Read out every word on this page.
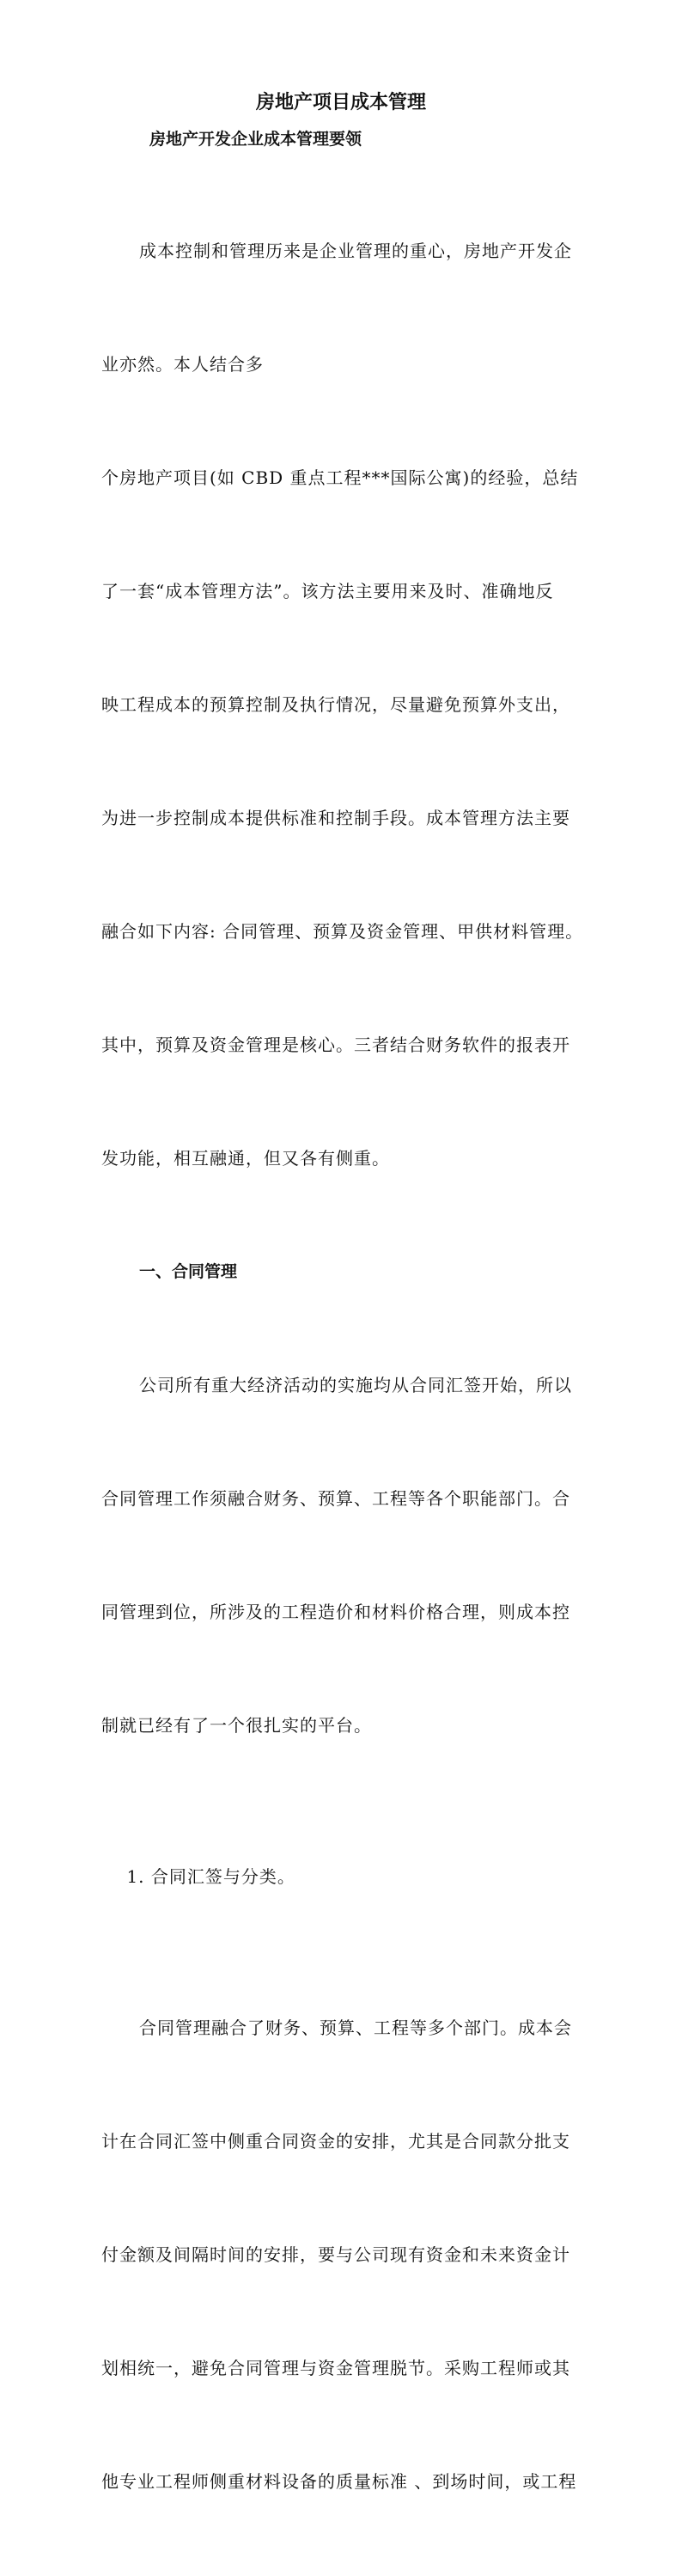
房地产项目成本管理
房地产开发企业成本管理要领

成本控制和管理历来是企业管理的重心，房地产开发企

业亦然。本人结合多

个房地产项目(如 CBD 重点工程***国际公寓)的经验，总结

了一套“成本管理方法”。该方法主要用来及时、准确地反

映工程成本的预算控制及执行情况，尽量避免预算外支出，

为进一步控制成本提供标准和控制手段。成本管理方法主要

融合如下内容: 合同管理、预算及资金管理、甲供材料管理。

其中，预算及资金管理是核心。三者结合财务软件的报表开

发功能，相互融通，但又各有侧重。

一、合同管理

公司所有重大经济活动的实施均从合同汇签开始，所以

合同管理工作须融合财务、预算、工程等各个职能部门。合

同管理到位，所涉及的工程造价和材料价格合理，则成本控

制就已经有了一个很扎实的平台。

1. 合同汇签与分类。

合同管理融合了财务、预算、工程等多个部门。成本会

计在合同汇签中侧重合同资金的安排，尤其是合同款分批支

付金额及间隔时间的安排，要与公司现有资金和未来资金计

划相统一，避免合同管理与资金管理脱节。采购工程师或其

他专业工程师侧重材料设备的质量标准 、到场时间，或工程
